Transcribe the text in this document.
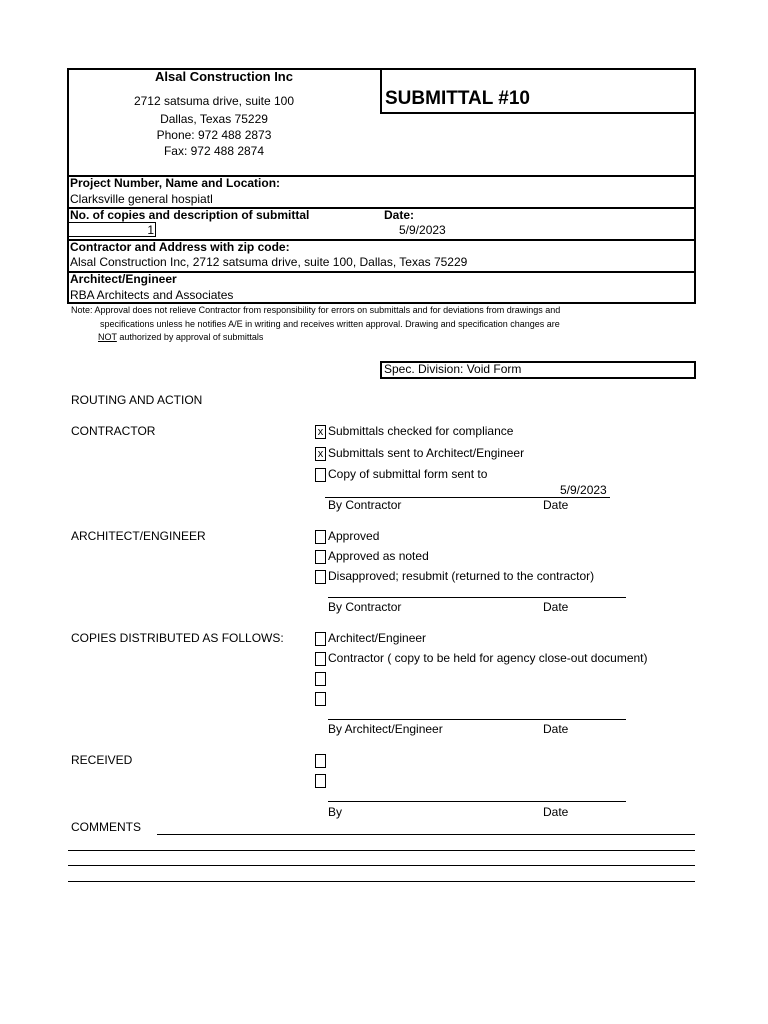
Alsal Construction Inc
2712 satsuma drive, suite 100
Dallas, Texas 75229
Phone: 972 488 2873
Fax: 972 488 2874
SUBMITTAL #10
Project Number, Name and Location:
Clarksville general hospiatl
No. of copies and description of submittal	Date:
1	5/9/2023
Contractor and Address with zip code:
Alsal Construction Inc, 2712 satsuma drive, suite 100, Dallas, Texas 75229
Architect/Engineer
RBA Architects and Associates
Note: Approval does not relieve Contractor from responsibility for errors on submittals and for deviations from drawings and
specifications unless he notifies A/E in writing and receives written approval. Drawing and specification changes are
NOT authorized by approval of submittals
Spec. Division: Void Form
ROUTING AND ACTION
CONTRACTOR	x Submittals checked for compliance
x Submittals sent to Architect/Engineer
Copy of submittal form sent to
5/9/2023
By Contractor	Date
ARCHITECT/ENGINEER	Approved
Approved as noted
Disapproved; resubmit (returned to the contractor)
By Contractor	Date
COPIES DISTRIBUTED AS FOLLOWS:	Architect/Engineer
Contractor ( copy to be held for agency close-out document)
By Architect/Engineer	Date
RECEIVED
By	Date
COMMENTS
